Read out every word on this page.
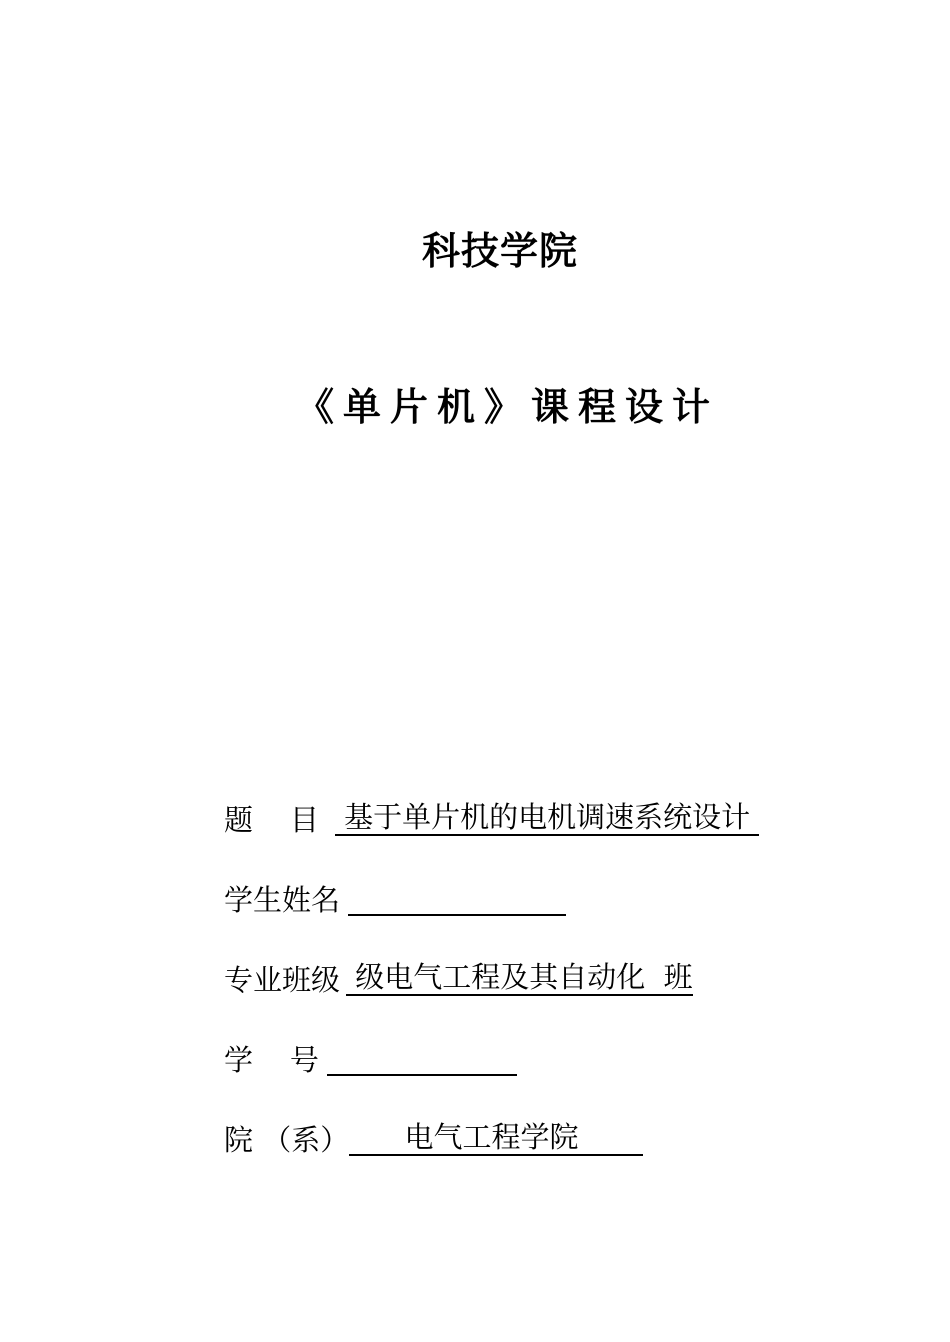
科技学院
《单片机》课程设计
题    目 基于单片机的电机调速系统设计
学生姓名
专业班级 级电气工程及其自动化  班
学    号
院 （系）      电气工程学院
